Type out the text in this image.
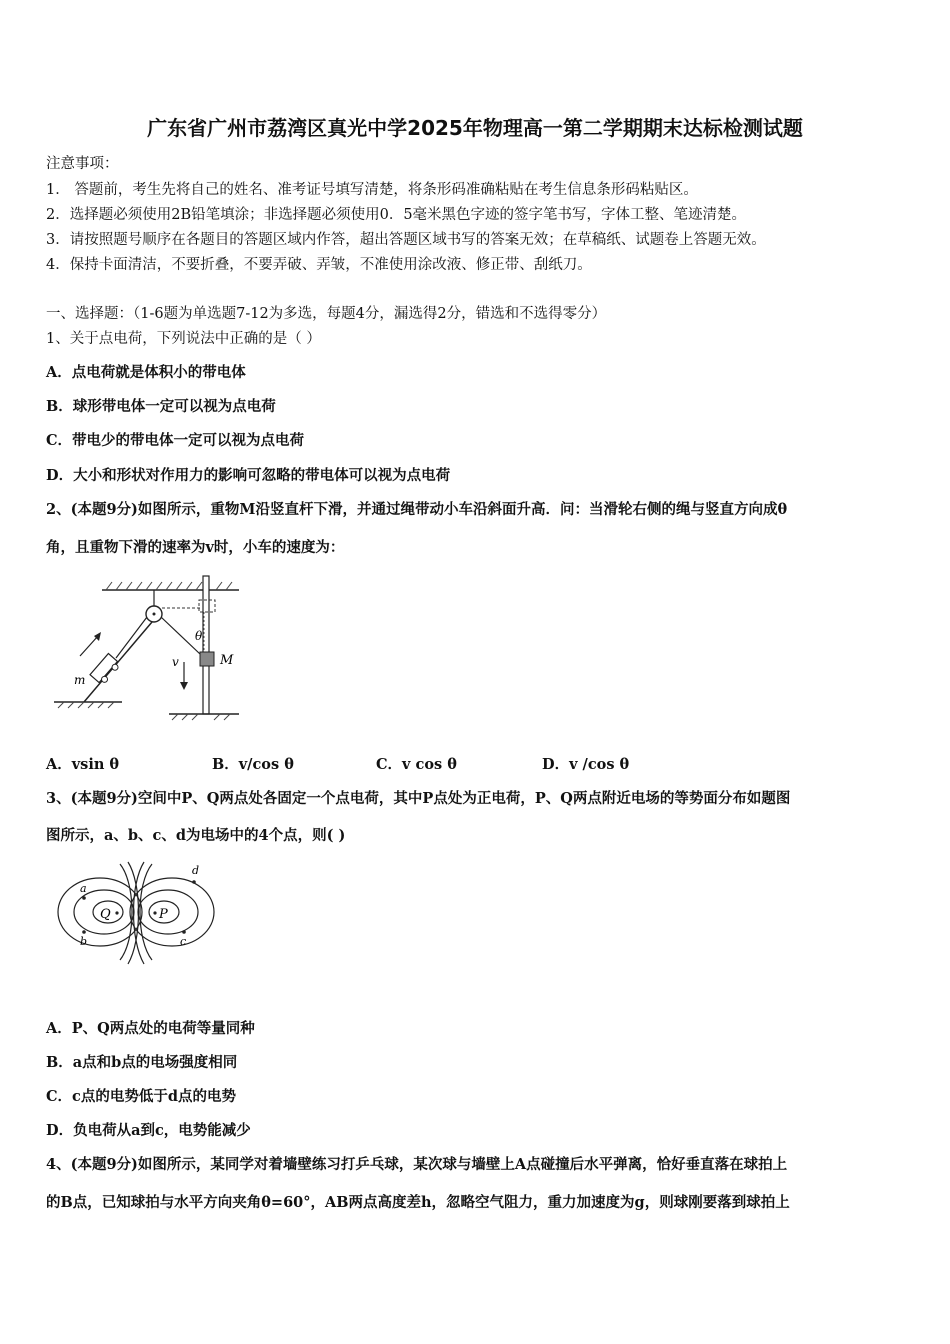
广东省广州市荔湾区真光中学2025年物理高一第二学期期末达标检测试题
注意事项：
1． 答题前，考生先将自己的姓名、准考证号填写清楚，将条形码准确粘贴在考生信息条形码粘贴区。
2．选择题必须使用2B铅笔填涂；非选择题必须使用0．5毫米黑色字迹的签字笔书写，字体工整、笔迹清楚。
3．请按照题号顺序在各题目的答题区域内作答，超出答题区域书写的答案无效；在草稿纸、试题卷上答题无效。
4．保持卡面清洁，不要折叠，不要弄破、弄皱，不准使用涂改液、修正带、刮纸刀。
一、选择题：（1-6题为单选题7-12为多选，每题4分，漏选得2分，错选和不选得零分）
1、关于点电荷，下列说法中正确的是（ ）
A．点电荷就是体积小的带电体
B．球形带电体一定可以视为点电荷
C．带电少的带电体一定可以视为点电荷
D．大小和形状对作用力的影响可忽略的带电体可以视为点电荷
2、(本题9分)如图所示，重物M沿竖直杆下滑，并通过绳带动小车沿斜面升高．问：当滑轮右侧的绳与竖直方向成θ
角，且重物下滑的速率为v时，小车的速度为：
θ
M
v
m
A．vsin θ	B．v/cos θ	C．v cos θ	D．v /cos θ
3、(本题9分)空间中P、Q两点处各固定一个点电荷，其中P点处为正电荷，P、Q两点附近电场的等势面分布如题图
图所示，a、b、c、d为电场中的4个点，则( )
Q	P
a
b	c
d
A．P、Q两点处的电荷等量同种
B．a点和b点的电场强度相同
C．c点的电势低于d点的电势
D．负电荷从a到c，电势能减少
4、(本题9分)如图所示，某同学对着墙壁练习打乒乓球，某次球与墙壁上A点碰撞后水平弹离，恰好垂直落在球拍上
的B点，已知球拍与水平方向夹角θ=60°，AB两点高度差h，忽略空气阻力，重力加速度为g，则球刚要落到球拍上
